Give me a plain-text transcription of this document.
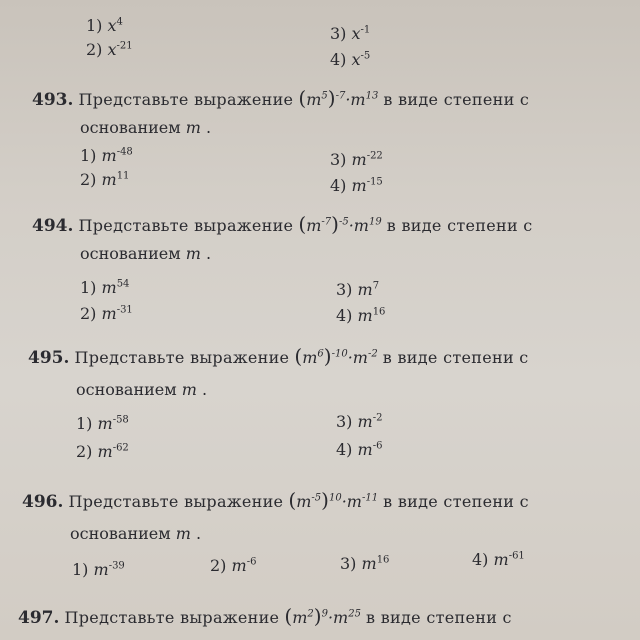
1) $x^4$
2) $x^{-21}$
3) $x^{-1}$
4) $x^{-5}$
493. Представьте выражение $(m^5)^{-7}\cdot m^{13}$ в виде степени с
основанием m .
1) $m^{-48}$
2) $m^{11}$
3) $m^{-22}$
4) $m^{-15}$
494. Представьте выражение $(m^{-7})^{-5}\cdot m^{19}$ в виде степени с
основанием m .
1) $m^{54}$
2) $m^{-31}$
3) $m^7$
4) $m^{16}$
495. Представьте выражение $(m^6)^{-10}\cdot m^{-2}$ в виде степени с
основанием m .
1) $m^{-58}$
2) $m^{-62}$
3) $m^{-2}$
4) $m^{-6}$
496. Представьте выражение $(m^{-5})^{10}\cdot m^{-11}$ в виде степени с
основанием m .
1) $m^{-39}$	2) $m^{-6}$	3) $m^{16}$	4) $m^{-61}$
497. Представьте выражение $(m^2)^9\cdot m^{25}$ в виде степени с
